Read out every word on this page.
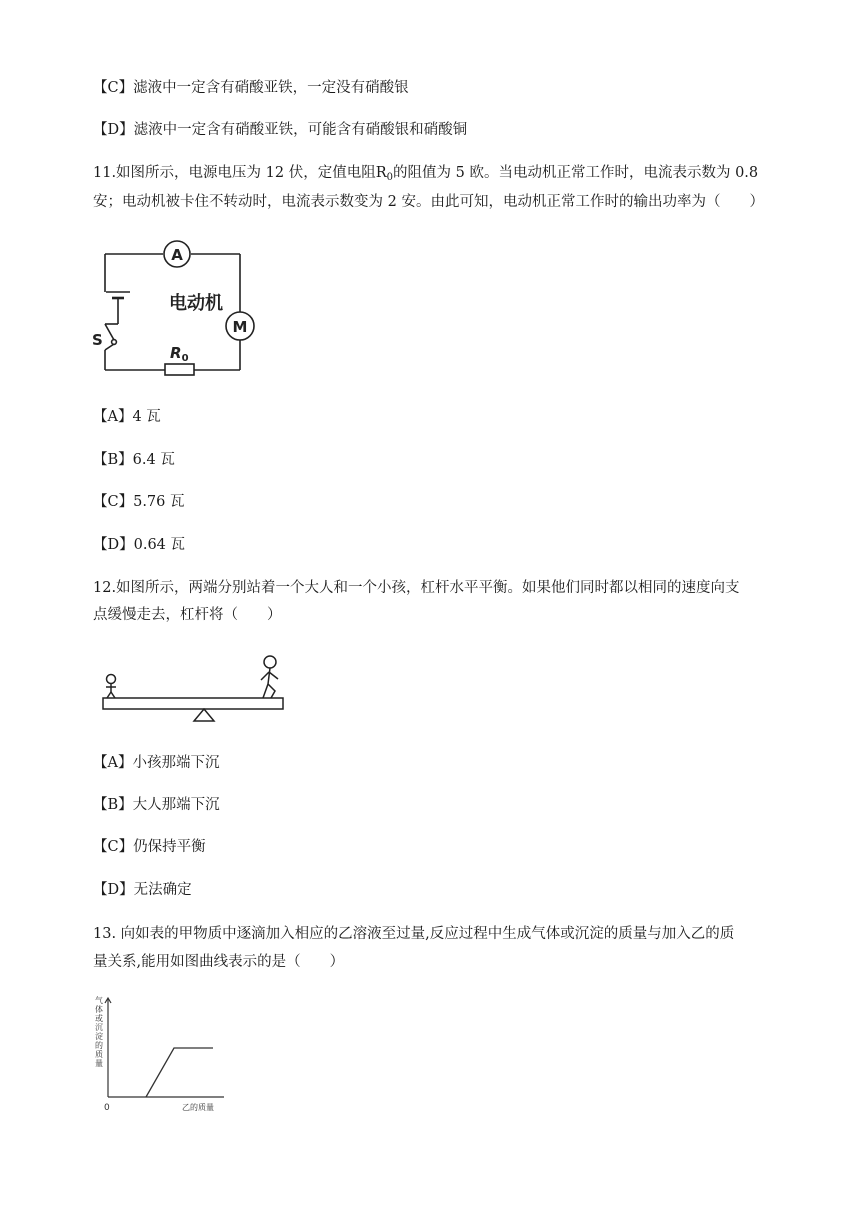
【C】滤液中一定含有硝酸亚铁，一定没有硝酸银
【D】滤液中一定含有硝酸亚铁，可能含有硝酸银和硝酸铜
11.如图所示，电源电压为 12 伏，定值电阻$R_0$的阻值为 5 欧。当电动机正常工作时，电流表示数为 0.8
安；电动机被卡住不转动时，电流表示数变为 2 安。由此可知，电动机正常工作时的输出功率为（　　）
S
A
M
电动机
$R_0$
【A】4 瓦
【B】6.4 瓦
【C】5.76 瓦
【D】0.64 瓦
12.如图所示，两端分别站着一个大人和一个小孩，杠杆水平平衡。如果他们同时都以相同的速度向支
点缓慢走去，杠杆将（　　）
【A】小孩那端下沉
【B】大人那端下沉
【C】仍保持平衡
【D】无法确定
13. 向如表的甲物质中逐滴加入相应的乙溶液至过量,反应过程中生成气体或沉淀的质量与加入乙的质
量关系,能用如图曲线表示的是（　　）
气 体 或 沉 淀 的 质 量
0	乙的质量
